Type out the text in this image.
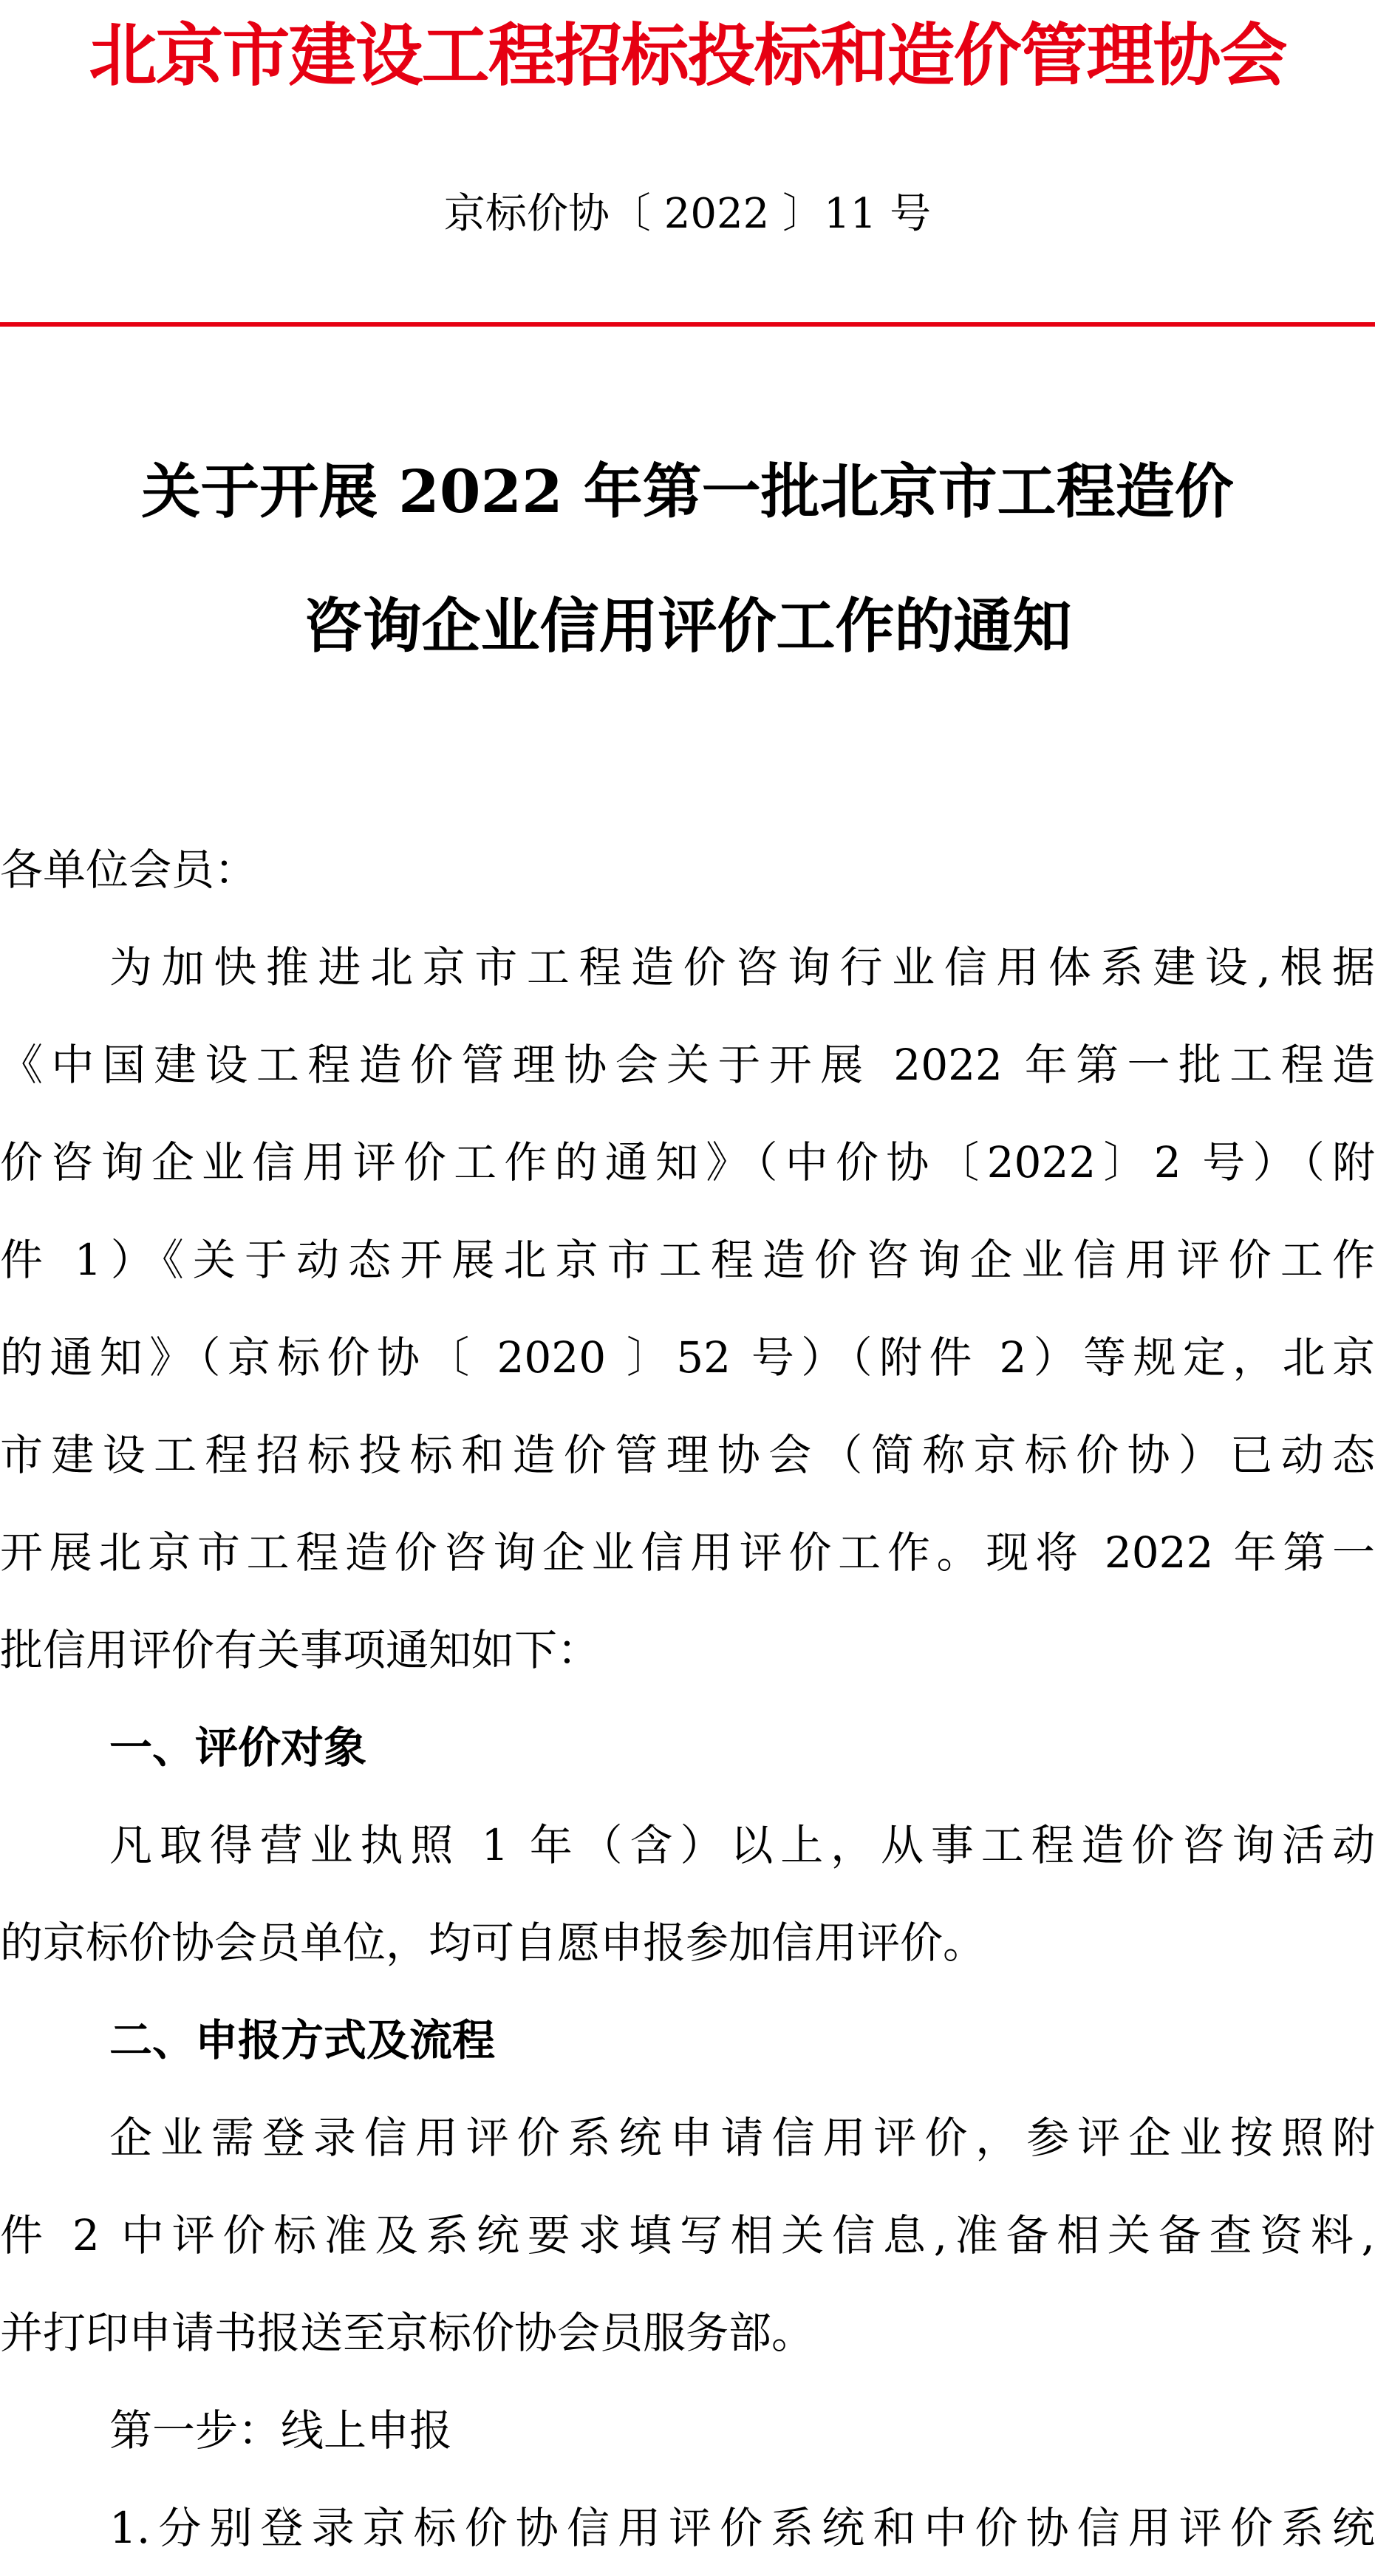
北京市建设工程招标投标和造价管理协会
京标价协〔 2022 〕11 号
关于开展 2022 年第一批北京市工程造价
咨询企业信用评价工作的通知
各单位会员：
为加快推进北京市工程造价咨询行业信用体系建设,根据
《中国建设工程造价管理协会关于开展 2022 年第一批工程造
价咨询企业信用评价工作的通知》（中价协〔2022〕2 号）（附
件 1）《关于动态开展北京市工程造价咨询企业信用评价工作
的通知》（京标价协〔 2020 〕52 号）（附件 2）等规定，北京
市建设工程招标投标和造价管理协会（简称京标价协）已动态
开展北京市工程造价咨询企业信用评价工作。现将 2022 年第一
批信用评价有关事项通知如下：
一、评价对象
凡取得营业执照 1 年（含）以上，从事工程造价咨询活动
的京标价协会员单位，均可自愿申报参加信用评价。
二、申报方式及流程
企业需登录信用评价系统申请信用评价，参评企业按照附
件 2 中评价标准及系统要求填写相关信息,准备相关备查资料,
并打印申请书报送至京标价协会员服务部。
第一步：线上申报
1.分别登录京标价协信用评价系统和中价协信用评价系统
